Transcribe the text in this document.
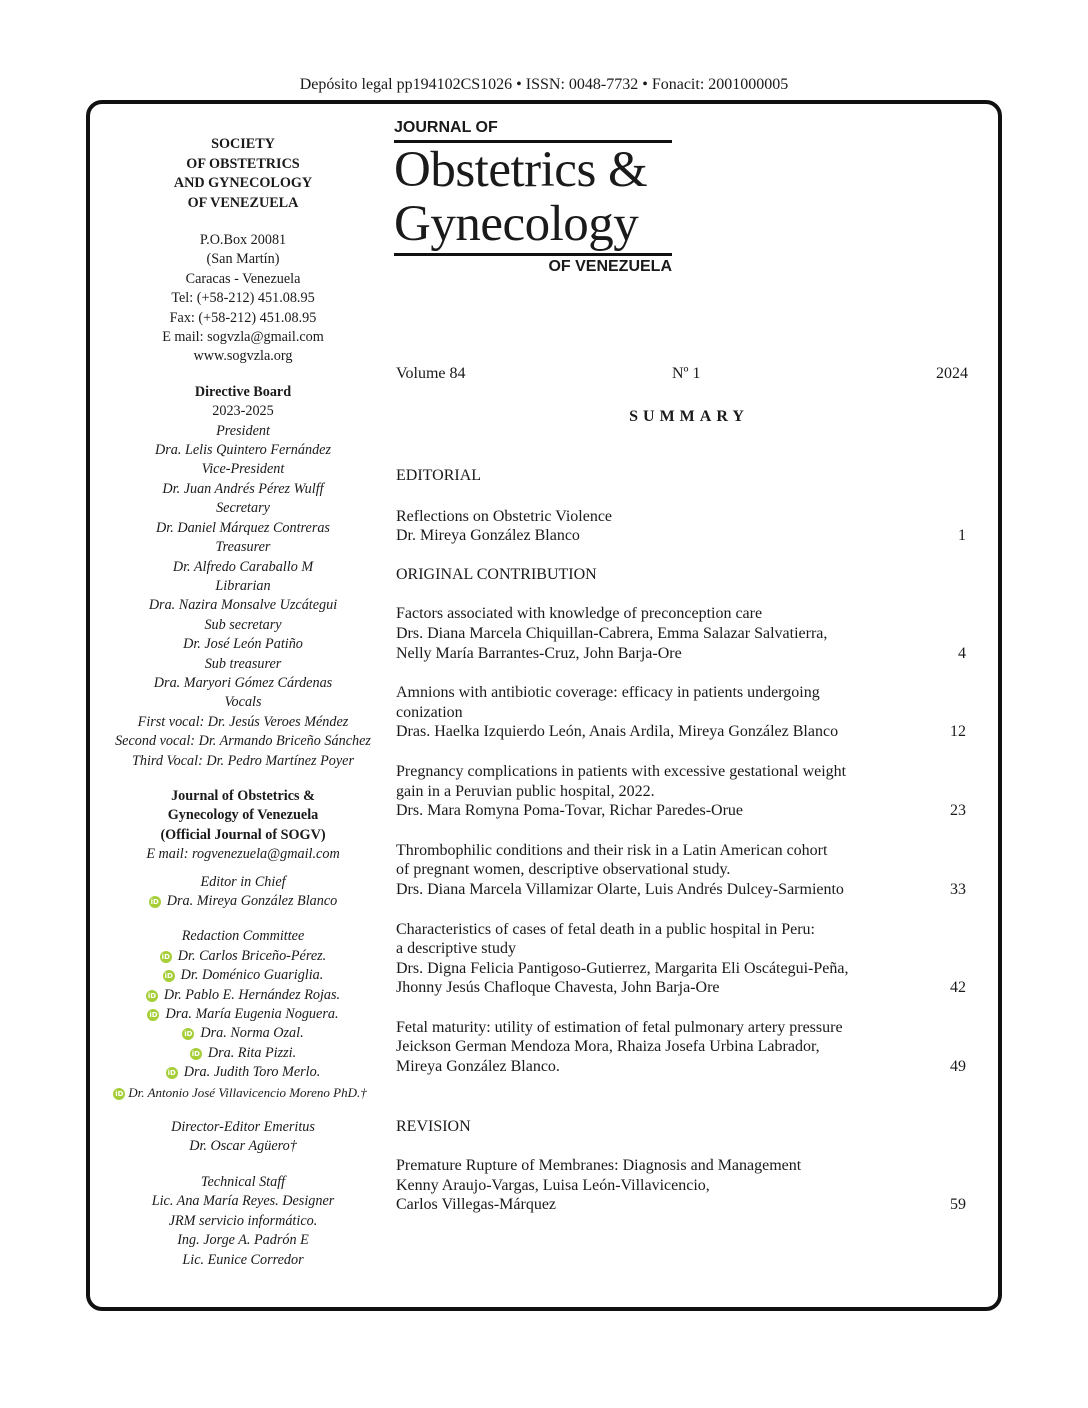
Depósito legal pp194102CS1026 • ISSN: 0048-7732 • Fonacit: 2001000005
SOCIETY
OF OBSTETRICS
AND GYNECOLOGY
OF VENEZUELA
P.O.Box 20081
(San Martín)
Caracas - Venezuela
Tel: (+58-212) 451.08.95
Fax: (+58-212) 451.08.95
E mail: sogvzla@gmail.com
www.sogvzla.org
Directive Board
2023-2025
President
Dra. Lelis Quintero Fernández
Vice-President
Dr. Juan Andrés Pérez Wulff
Secretary
Dr. Daniel Márquez Contreras
Treasurer
Dr. Alfredo Caraballo M
Librarian
Dra. Nazira Monsalve Uzcátegui
Sub secretary
Dr. José León Patiño
Sub treasurer
Dra. Maryori Gómez Cárdenas
Vocals
First vocal: Dr. Jesús Veroes Méndez
Second vocal: Dr. Armando Briceño Sánchez
Third Vocal: Dr. Pedro Martínez Poyer
Journal of Obstetrics &
Gynecology of Venezuela
(Official Journal of SOGV)
E mail: rogvenezuela@gmail.com
Editor in Chief
iD Dra. Mireya González Blanco
Redaction Committee
iD Dr. Carlos Briceño-Pérez.
iD Dr. Doménico Guariglia.
iD Dr. Pablo E. Hernández Rojas.
iD Dra. María Eugenia Noguera.
iD Dra. Norma Ozal.
iD Dra. Rita Pizzi.
iD Dra. Judith Toro Merlo.
iD Dr. Antonio José Villavicencio Moreno PhD.†
Director-Editor Emeritus
Dr. Oscar Agüero†
Technical Staff
Lic. Ana María Reyes. Designer
JRM servicio informático.
Ing. Jorge A. Padrón E
Lic. Eunice Corredor
JOURNAL OF
Obstetrics &
Gynecology
OF VENEZUELA
Volume 84	Nº 1	2024
SUMMARY
EDITORIAL
Reflections on Obstetric Violence
Dr. Mireya González Blanco	1
ORIGINAL CONTRIBUTION
Factors associated with knowledge of preconception care
Drs. Diana Marcela Chiquillan-Cabrera, Emma Salazar Salvatierra,
Nelly María Barrantes-Cruz, John Barja-Ore	4
Amnions with antibiotic coverage: efficacy in patients undergoing
conization
Dras. Haelka Izquierdo León, Anais Ardila, Mireya González Blanco	12
Pregnancy complications in patients with excessive gestational weight
gain in a Peruvian public hospital, 2022.
Drs. Mara Romyna Poma-Tovar, Richar Paredes-Orue	23
Thrombophilic conditions and their risk in a Latin American cohort
of pregnant women, descriptive observational study.
Drs. Diana Marcela Villamizar Olarte, Luis Andrés Dulcey-Sarmiento	33
Characteristics of cases of fetal death in a public hospital in Peru:
a descriptive study
Drs. Digna Felicia Pantigoso-Gutierrez, Margarita Eli Oscátegui-Peña,
Jhonny Jesús Chafloque Chavesta, John Barja-Ore	42
Fetal maturity: utility of estimation of fetal pulmonary artery pressure
Jeickson German Mendoza Mora, Rhaiza Josefa Urbina Labrador,
Mireya González Blanco.	49
REVISION
Premature Rupture of Membranes: Diagnosis and Management
Kenny Araujo-Vargas, Luisa León-Villavicencio,
Carlos Villegas-Márquez	59
